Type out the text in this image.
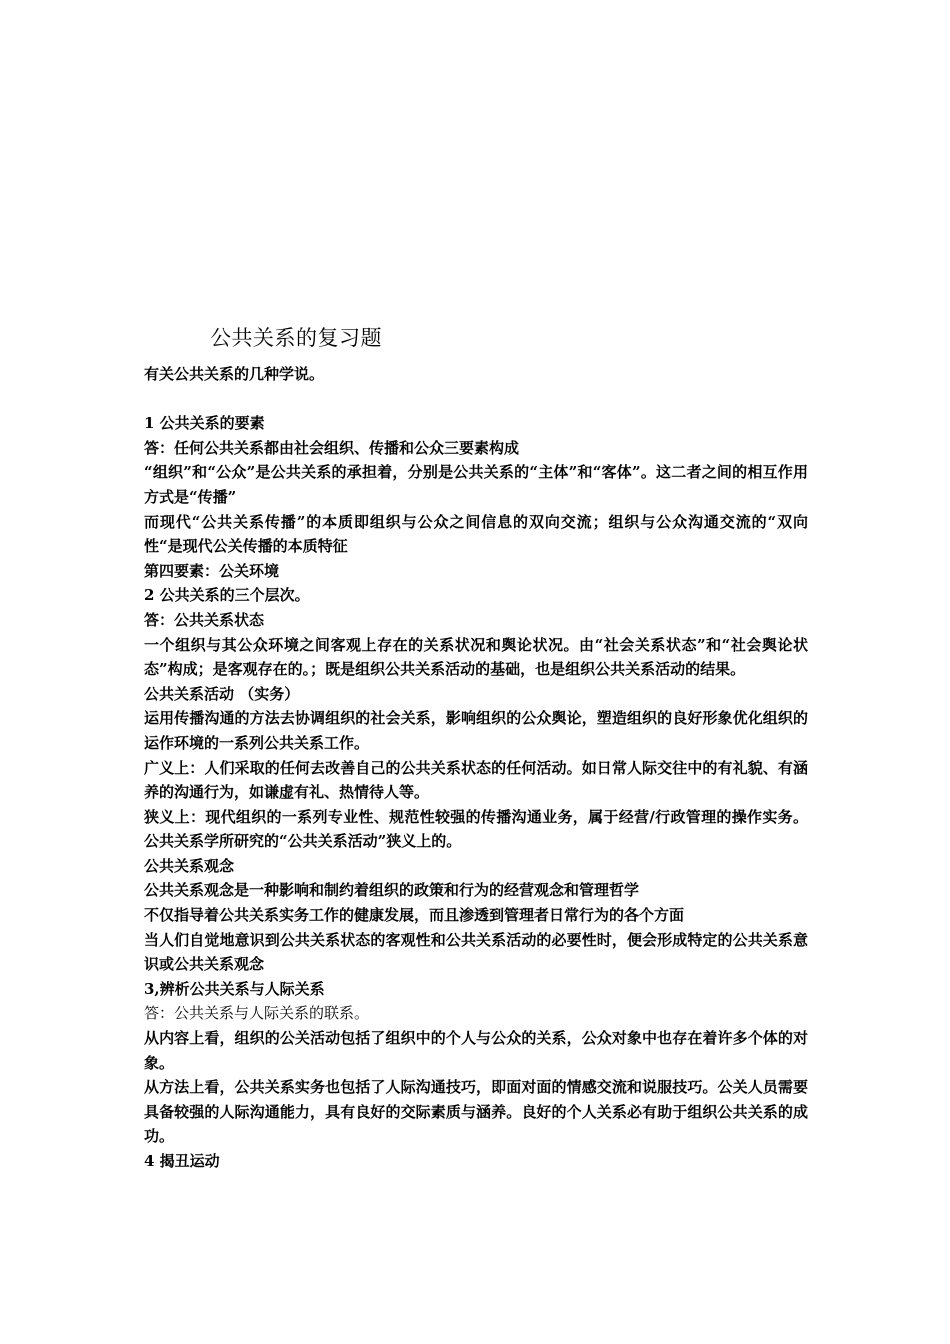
公共关系的复习题
有关公共关系的几种学说。
1 公共关系的要素
答：任何公共关系都由社会组织、传播和公众三要素构成
“组织”和“公众”是公共关系的承担着，分别是公共关系的“主体”和“客体”。这二者之间的相互作用方式是“传播”
而现代“公共关系传播”的本质即组织与公众之间信息的双向交流；组织与公众沟通交流的“双向性“是现代公关传播的本质特征
第四要素：公关环境
2 公共关系的三个层次。
答：公共关系状态
一个组织与其公众环境之间客观上存在的关系状况和舆论状况。由“社会关系状态”和“社会舆论状态”构成；是客观存在的。；既是组织公共关系活动的基础，也是组织公共关系活动的结果。
公共关系活动 （实务）
运用传播沟通的方法去协调组织的社会关系，影响组织的公众舆论，塑造组织的良好形象优化组织的运作环境的一系列公共关系工作。
广义上：人们采取的任何去改善自己的公共关系状态的任何活动。如日常人际交往中的有礼貌、有涵养的沟通行为，如谦虚有礼、热情待人等。
狭义上：现代组织的一系列专业性、规范性较强的传播沟通业务，属于经营/行政管理的操作实务。公共关系学所研究的“公共关系活动”狭义上的。
公共关系观念
公共关系观念是一种影响和制约着组织的政策和行为的经营观念和管理哲学
不仅指导着公共关系实务工作的健康发展，而且渗透到管理者日常行为的各个方面
当人们自觉地意识到公共关系状态的客观性和公共关系活动的必要性时，便会形成特定的公共关系意识或公共关系观念
3,辨析公共关系与人际关系
答：公共关系与人际关系的联系。
从内容上看，组织的公关活动包括了组织中的个人与公众的关系，公众对象中也存在着许多个体的对象。
从方法上看，公共关系实务也包括了人际沟通技巧，即面对面的情感交流和说服技巧。公关人员需要具备较强的人际沟通能力，具有良好的交际素质与涵养。良好的个人关系必有助于组织公共关系的成功。
4 揭丑运动
